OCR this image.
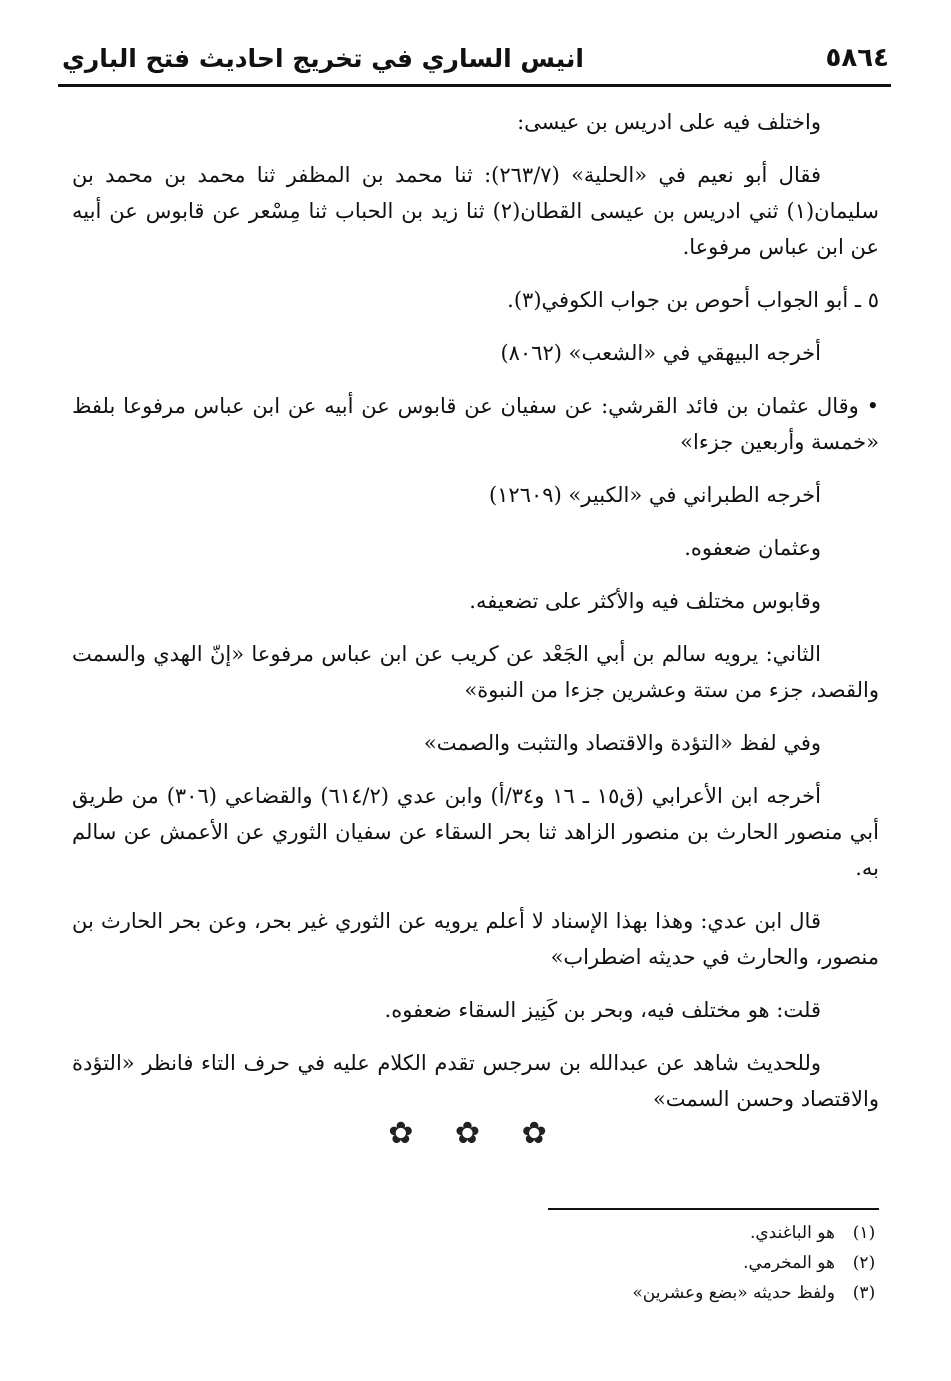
انيس الساري في تخريج احاديث فتح الباري	٥٨٦٤

واختلف فيه على ادريس بن عيسى:

فقال أبو نعيم في «الحلية» (٢٦٣/٧): ثنا محمد بن المظفر ثنا محمد بن محمد بن سليمان(١) ثني ادريس بن عيسى القطان(٢) ثنا زيد بن الحباب ثنا مِسْعر عن قابوس عن أبيه عن ابن عباس مرفوعا.

٥ ـ أبو الجواب أحوص بن جواب الكوفي(٣).

أخرجه البيهقي في «الشعب» (٨٠٦٢)

• وقال عثمان بن فائد القرشي: عن سفيان عن قابوس عن أبيه عن ابن عباس مرفوعا بلفظ «خمسة وأربعين جزءا»

أخرجه الطبراني في «الكبير» (١٢٦٠٩)

وعثمان ضعفوه.

وقابوس مختلف فيه والأكثر على تضعيفه.

الثاني: يرويه سالم بن أبي الجَعْد عن كريب عن ابن عباس مرفوعا «إنّ الهدي والسمت والقصد، جزء من ستة وعشرين جزءا من النبوة»

وفي لفظ «التؤدة والاقتصاد والتثبت والصمت»

أخرجه ابن الأعرابي (ق١٥ ـ ١٦ و٣٤/أ) وابن عدي (٦١٤/٢) والقضاعي (٣٠٦) من طريق أبي منصور الحارث بن منصور الزاهد ثنا بحر السقاء عن سفيان الثوري عن الأعمش عن سالم به.

قال ابن عدي: وهذا بهذا الإسناد لا أعلم يرويه عن الثوري غير بحر، وعن بحر الحارث بن منصور، والحارث في حديثه اضطراب»

قلت: هو مختلف فيه، وبحر بن كَنِيز السقاء ضعفوه.

وللحديث شاهد عن عبدالله بن سرجس تقدم الكلام عليه في حرف التاء فانظر «التؤدة والاقتصاد وحسن السمت»

✿ ✿ ✿
(١)
هو الباغندي.
(٢)
هو المخرمي.
(٣)
ولفظ حديثه «بضع وعشرين»
